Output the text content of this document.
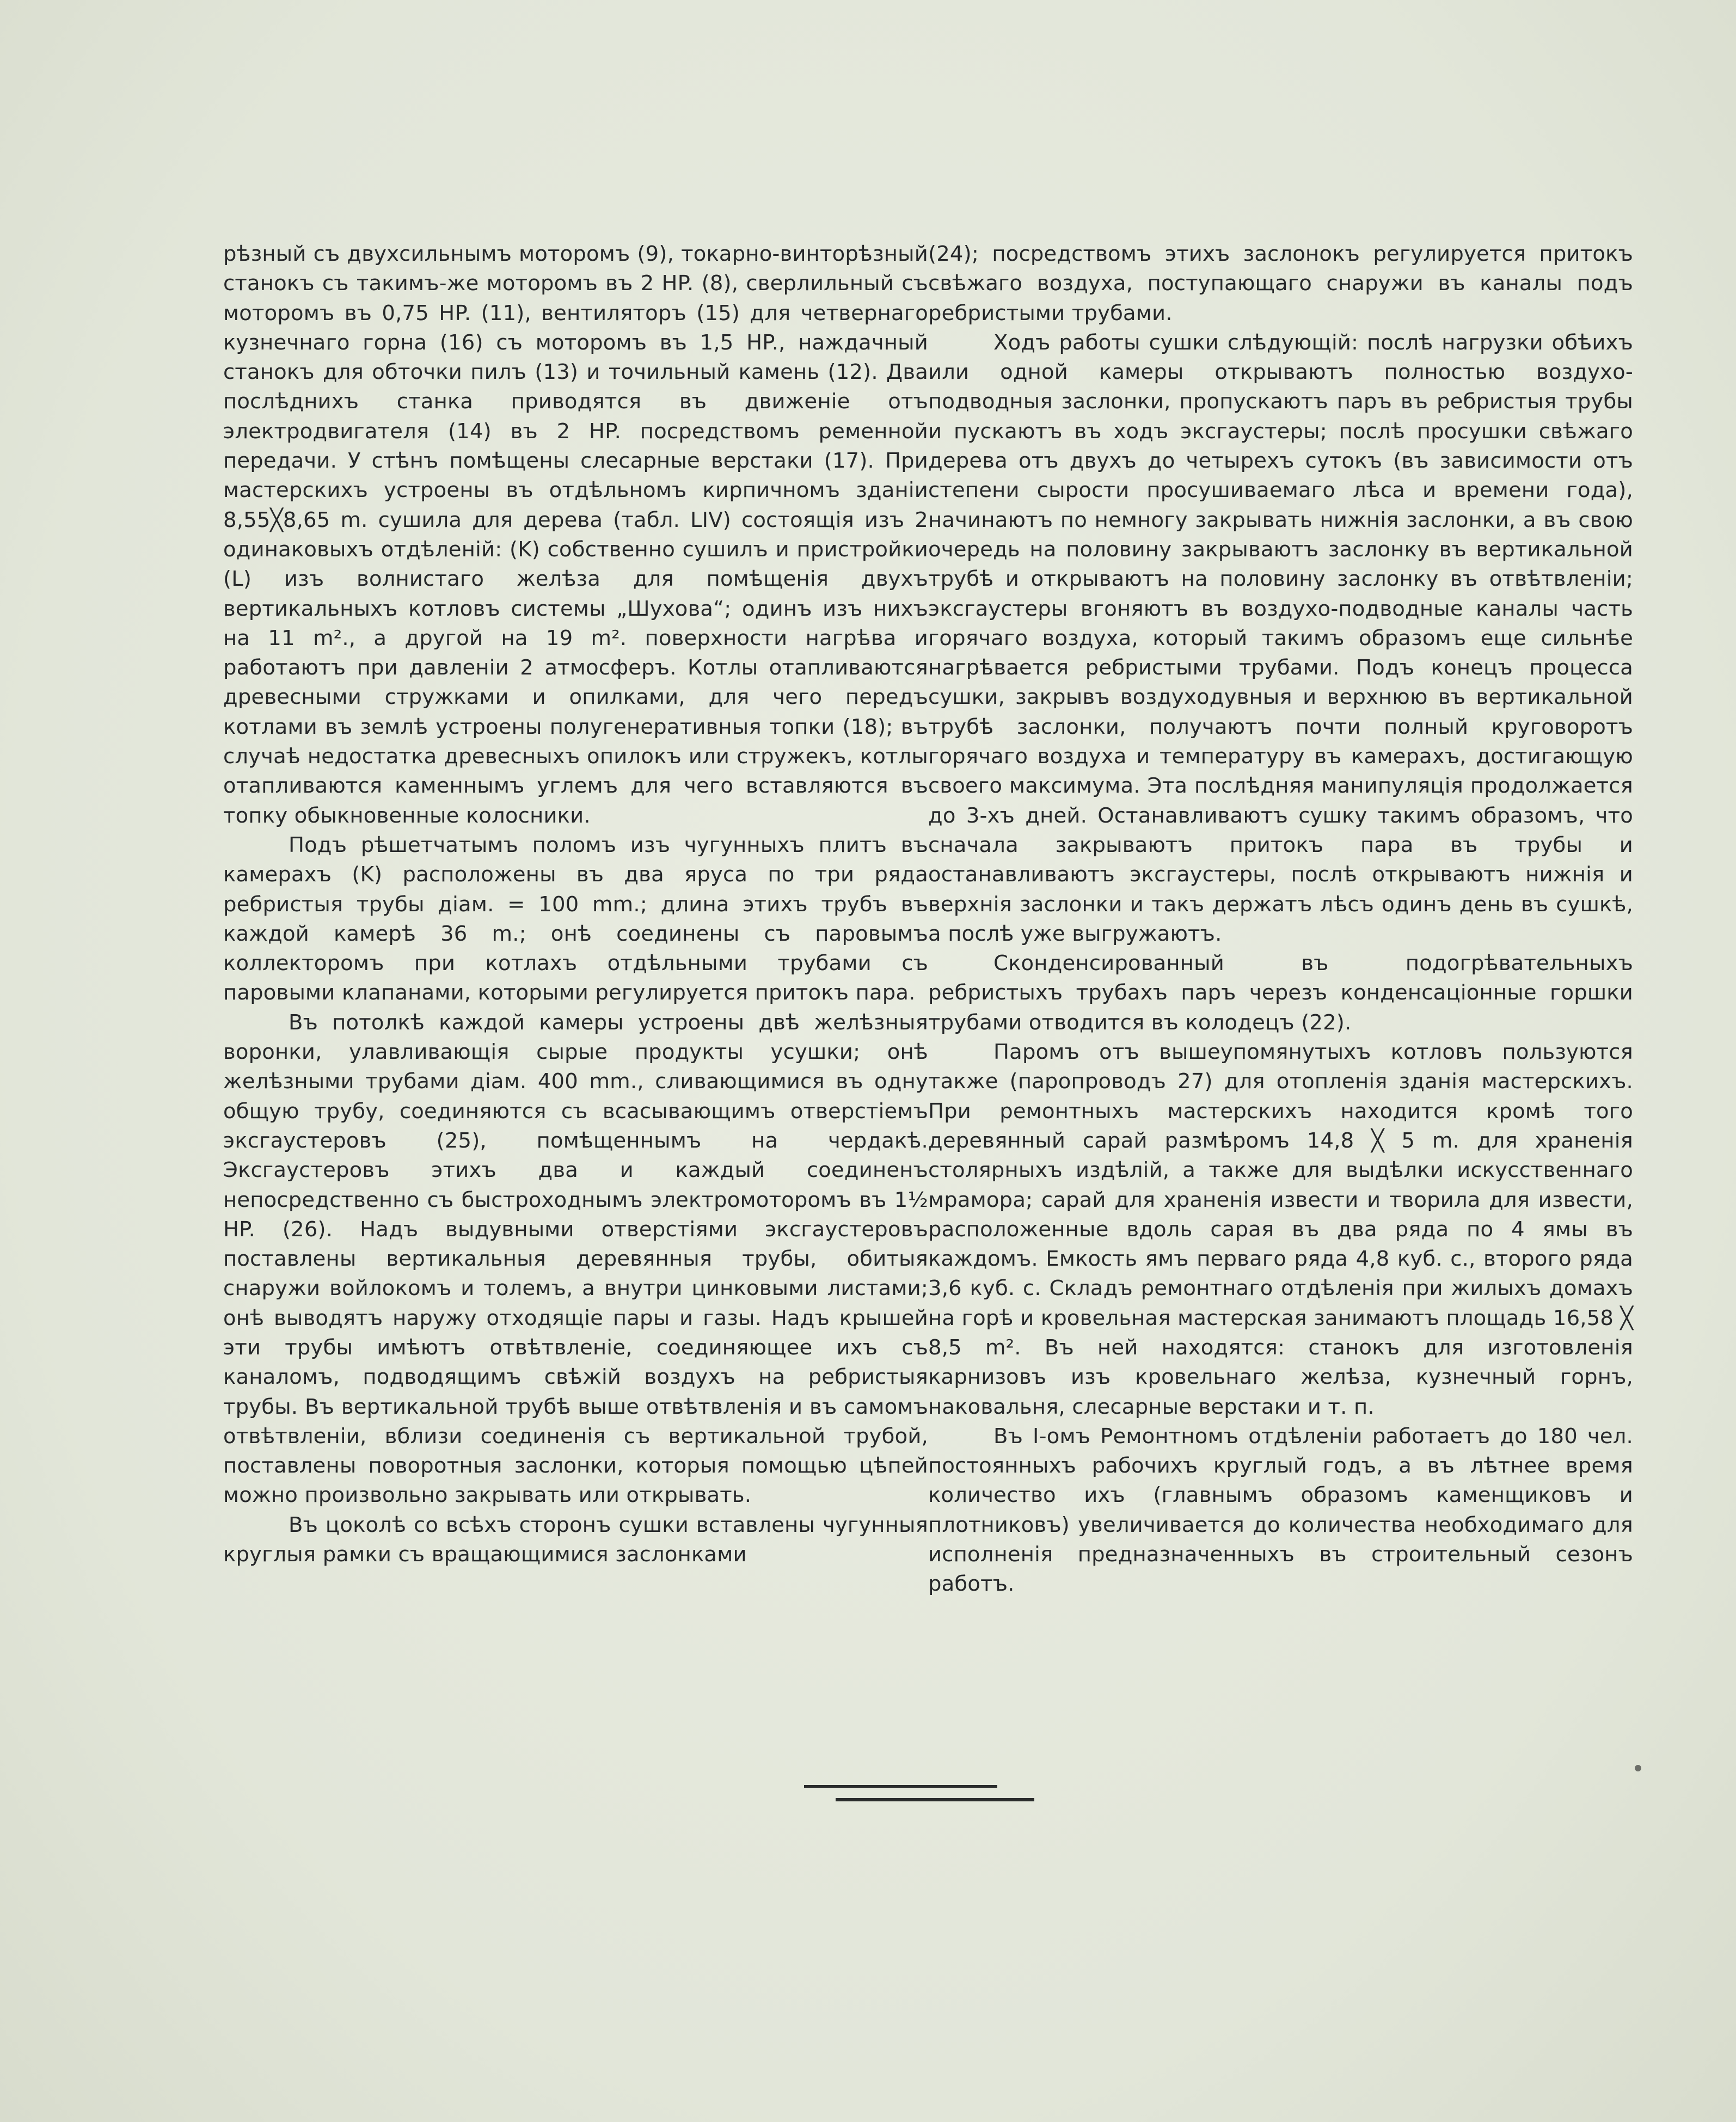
рѣзный съ двухсильнымъ моторомъ (9), токарно-винторѣзный станокъ съ такимъ-же моторомъ въ 2 HP. (8), сверлильный съ моторомъ въ 0,75 HP. (11), вентиляторъ (15) для четвернаго кузнечнаго горна (16) съ моторомъ въ 1,5 HP., наждачный станокъ для обточки пилъ (13) и точильный камень (12). Два послѣднихъ станка приводятся въ движеніе отъ электродвигателя (14) въ 2 HP. посредствомъ ременной передачи. У стѣнъ помѣщены слесарные верстаки (17). При мастерскихъ устроены въ отдѣльномъ кирпичномъ зданіи 8,55╳8,65 m. сушила для дерева (табл. LIV) состоящія изъ 2 одинаковыхъ отдѣленій: (K) собственно сушилъ и пристройки (L) изъ волнистаго желѣза для помѣщенія двухъ вертикальныхъ котловъ системы „Шухова“; одинъ изъ нихъ на 11 m²., а другой на 19 m². поверхности нагрѣва и работаютъ при давленіи 2 атмосферъ. Котлы отапливаются древесными стружками и опилками, для чего передъ котлами въ землѣ устроены полугенеративныя топки (18); въ случаѣ недостатка древесныхъ опилокъ или стружекъ, котлы отапливаются каменнымъ углемъ для чего вставляются въ топку обыкновенные колосники.

Подъ рѣшетчатымъ поломъ изъ чугунныхъ плитъ въ камерахъ (K) расположены въ два яруса по три ряда ребристыя трубы діам. = 100 mm.; длина этихъ трубъ въ каждой камерѣ 36 m.; онѣ соединены съ паровымъ коллекторомъ при котлахъ отдѣльными трубами съ паровыми клапанами, которыми регулируется притокъ пара.

Въ потолкѣ каждой камеры устроены двѣ желѣзныя воронки, улавливающія сырые продукты усушки; онѣ желѣзными трубами діам. 400 mm., сливающимися въ одну общую трубу, соединяются съ всасывающимъ отверстіемъ эксгаустеровъ (25), помѣщеннымъ на чердакѣ. Эксгаустеровъ этихъ два и каждый соединенъ непосредственно съ быстроходнымъ электромоторомъ въ 1½ HP. (26). Надъ выдувными отверстіями эксгаустеровъ поставлены вертикальныя деревянныя трубы, обитыя снаружи войлокомъ и толемъ, а внутри цинковыми листами; онѣ выводятъ наружу отходящіе пары и газы. Надъ крышей эти трубы имѣютъ отвѣтвленіе, соединяющее ихъ съ каналомъ, подводящимъ свѣжій воздухъ на ребристыя трубы. Въ вертикальной трубѣ выше отвѣтвленія и въ самомъ отвѣтвленіи, вблизи соединенія съ вертикальной трубой, поставлены поворотныя заслонки, которыя помощью цѣпей можно произвольно закрывать или открывать.

Въ цоколѣ со всѣхъ сторонъ сушки вставлены чугунныя круглыя рамки съ вращающимися заслонками

(24); посредствомъ этихъ заслонокъ регулируется притокъ свѣжаго воздуха, поступающаго снаружи въ каналы подъ ребристыми трубами.

Ходъ работы сушки слѣдующій: послѣ нагрузки обѣихъ или одной камеры открываютъ полностью воздухо-подводныя заслонки, пропускаютъ паръ въ ребристыя трубы и пускаютъ въ ходъ эксгаустеры; послѣ просушки свѣжаго дерева отъ двухъ до четырехъ сутокъ (въ зависимости отъ степени сырости просушиваемаго лѣса и времени года), начинаютъ по немногу закрывать нижнія заслонки, а въ свою очередь на половину закрываютъ заслонку въ вертикальной трубѣ и открываютъ на половину заслонку въ отвѣтвленіи; эксгаустеры вгоняютъ въ воздухо-подводные каналы часть горячаго воздуха, который такимъ образомъ еще сильнѣе нагрѣвается ребристыми трубами. Подъ конецъ процесса сушки, закрывъ воздуходувныя и верхнюю въ вертикальной трубѣ заслонки, получаютъ почти полный круговоротъ горячаго воздуха и температуру въ камерахъ, достигающую своего максимума. Эта послѣдняя манипуляція продолжается до 3-хъ дней. Останавливаютъ сушку такимъ образомъ, что сначала закрываютъ притокъ пара въ трубы и останавливаютъ эксгаустеры, послѣ открываютъ нижнія и верхнія заслонки и такъ держатъ лѣсъ одинъ день въ сушкѣ, а послѣ уже выгружаютъ.

Сконденсированный въ подогрѣвательныхъ ребристыхъ трубахъ паръ черезъ конденсаціонные горшки трубами отводится въ колодецъ (22).

Паромъ отъ вышеупомянутыхъ котловъ пользуются также (паропроводъ 27) для отопленія зданія мастерскихъ. При ремонтныхъ мастерскихъ находится кромѣ того деревянный сарай размѣромъ 14,8 ╳ 5 m. для храненія столярныхъ издѣлій, а также для выдѣлки искусственнаго мрамора; сарай для храненія извести и творила для извести, расположенные вдоль сарая въ два ряда по 4 ямы въ каждомъ. Емкость ямъ перваго ряда 4,8 куб. с., второго ряда 3,6 куб. с. Складъ ремонтнаго отдѣленія при жилыхъ домахъ на горѣ и кровельная мастерская занимаютъ площадь 16,58 ╳ 8,5 m². Въ ней находятся: станокъ для изготовленія карнизовъ изъ кровельнаго желѣза, кузнечный горнъ, наковальня, слесарные верстаки и т. п.

Въ I-омъ Ремонтномъ отдѣленіи работаетъ до 180 чел. постоянныхъ рабочихъ круглый годъ, а въ лѣтнее время количество ихъ (главнымъ образомъ каменщиковъ и плотниковъ) увеличивается до количества необходимаго для исполненія предназначенныхъ въ строительный сезонъ работъ.
